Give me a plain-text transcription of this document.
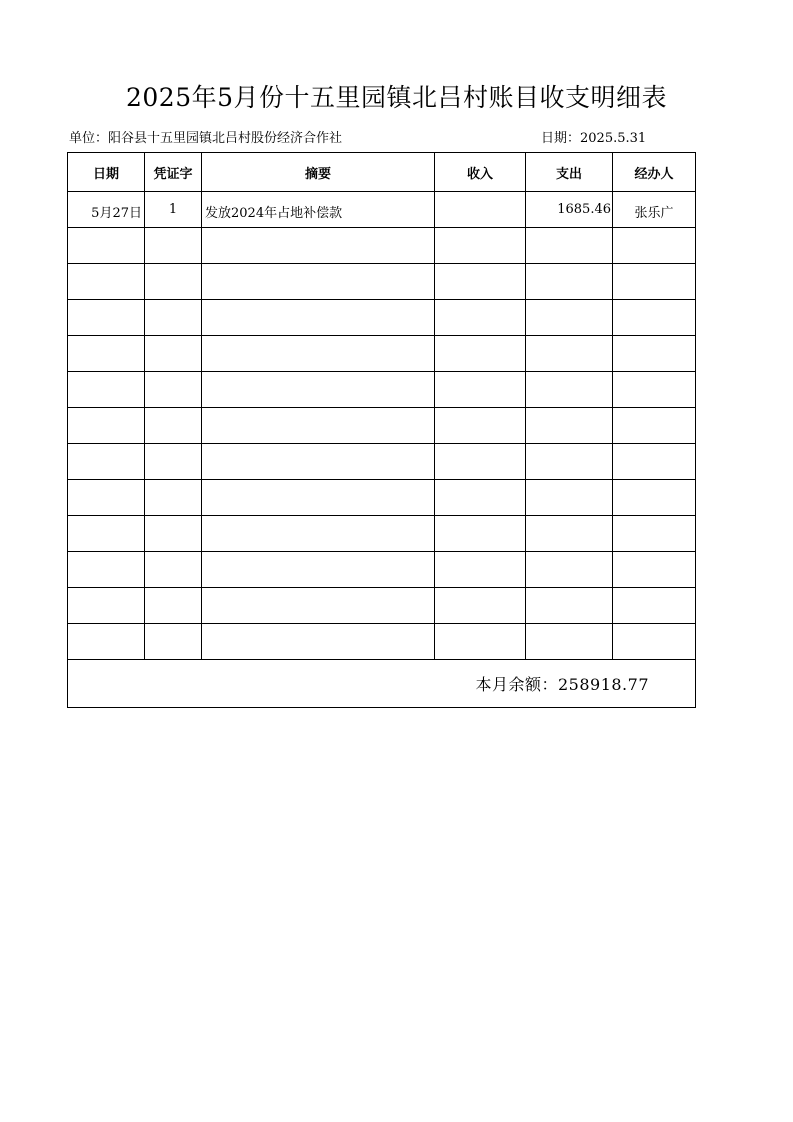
2025年5月份十五里园镇北吕村账目收支明细表
单位：阳谷县十五里园镇北吕村股份经济合作社	日期：2025.5.31
日期	凭证字	摘要	收入	支出	经办人
5月27日	1	发放2024年占地补偿款		1685.46	张乐广

本月余额：258918.77					
